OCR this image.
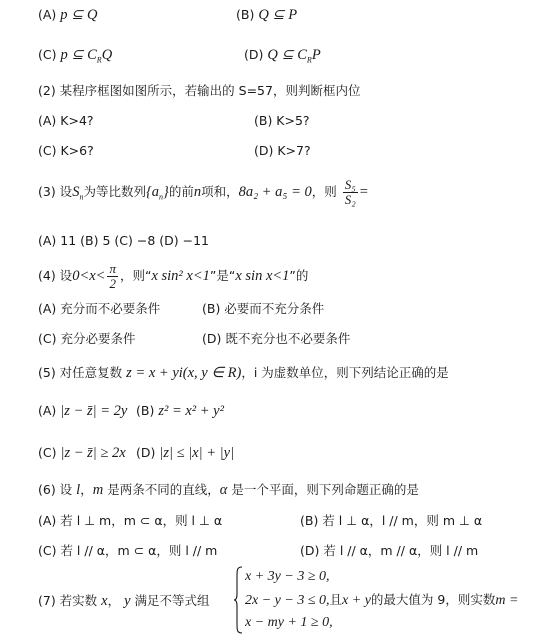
(A) p ⊆ Q	(B) Q ⊆ P
(C) p ⊆ $C_RQ$	(D) Q ⊆ $C_RP$
(2) 某程序框图如图所示，若输出的 S=57，则判断框内位
(A) K>4?	(B) K>5?
(C) K>6?	(D) K>7?
(3) 设$S_n$为等比数列$\{a_n\}$的前n项和，8a₂ + a₅ = 0，则 $\frac{\text{S₅}}{\text{S₂}}$ =
(A) 11 (B) 5 (C) −8 (D) −11
(4) 设$0<x< \frac{\pi}{2}$ ，则“x sin² x<1”是“x sin x<1”的
(A) 充分而不必要条件	(B) 必要而不充分条件
(C) 充分必要条件	(D) 既不充分也不必要条件
(5) 对任意复数 z = x + yi(x, y ∈ R)，i 为虚数单位，则下列结论正确的是
(A) |z − z̄| = 2y (B) z² = x² + y²
(C) |z − z̄| ≥ 2x (D) |z| ≤ |x| + |y|
(6) 设 l，m 是两条不同的直线，α 是一个平面，则下列命题正确的是
(A) 若 l ⊥ m，m ⊂ α，则 l ⊥ α	(B) 若 l ⊥ α，l // m，则 m ⊥ α
(C) 若 l // α，m ⊂ α，则 l // m	(D) 若 l // α，m // α，则 l // m
(7) 若实数 x， y 满足不等式组
x + 3y − 3 ≥ 0,
2x − y − 3 ≤ 0,且x + y的最大值为 9，则实数m =
x − my + 1 ≥ 0,
